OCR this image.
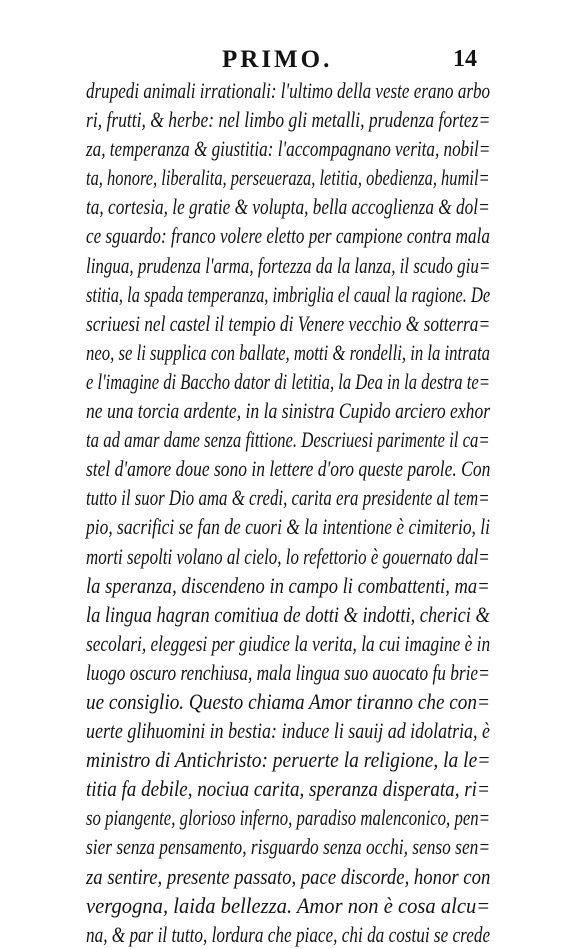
PRIMO.	14
drupedi animali irrationali: l'ultimo della veste erano arbo
ri, frutti, & herbe: nel limbo gli metalli, prudenza fortez=
za, temperanza & giustitia: l'accompagnano verita, nobil=
ta, honore, liberalita, perseueraza, letitia, obedienza, humil=
ta, cortesia, le gratie & volupta, bella accoglienza & dol=
ce sguardo: franco volere eletto per campione contra mala
lingua, prudenza l'arma, fortezza da la lanza, il scudo giu=
stitia, la spada temperanza, imbriglia el caual la ragione. De
scriuesi nel castel il tempio di Venere vecchio & sotterra=
neo, se li supplica con ballate, motti & rondelli, in la intrata
e l'imagine di Baccho dator di letitia, la Dea in la destra te=
ne una torcia ardente, in la sinistra Cupido arciero exhor
ta ad amar dame senza fittione. Descriuesi parimente il ca=
stel d'amore doue sono in lettere d'oro queste parole. Con
tutto il suor Dio ama & credi, carita era presidente al tem=
pio, sacrifici se fan de cuori & la intentione è cimiterio, li
morti sepolti volano al cielo, lo refettorio è gouernato dal=
la speranza, discendeno in campo li combattenti, ma=
la lingua hagran comitiua de dotti & indotti, cherici &
secolari, eleggesi per giudice la verita, la cui imagine è in
luogo oscuro renchiusa, mala lingua suo auocato fu brie=
ue consiglio. Questo chiama Amor tiranno che con=
uerte glihuomini in bestia: induce li sauij ad idolatria, è
ministro di Antichristo: peruerte la religione, la le=
titia fa debile, nociua carita, speranza disperata, ri=
so piangente, glorioso inferno, paradiso malenconico, pen=
sier senza pensamento, risguardo senza occhi, senso sen=
za sentire, presente passato, pace discorde, honor con
vergogna, laida bellezza. Amor non è cosa alcu=
na, & par il tutto, lordura che piace, chi da costui se crede
